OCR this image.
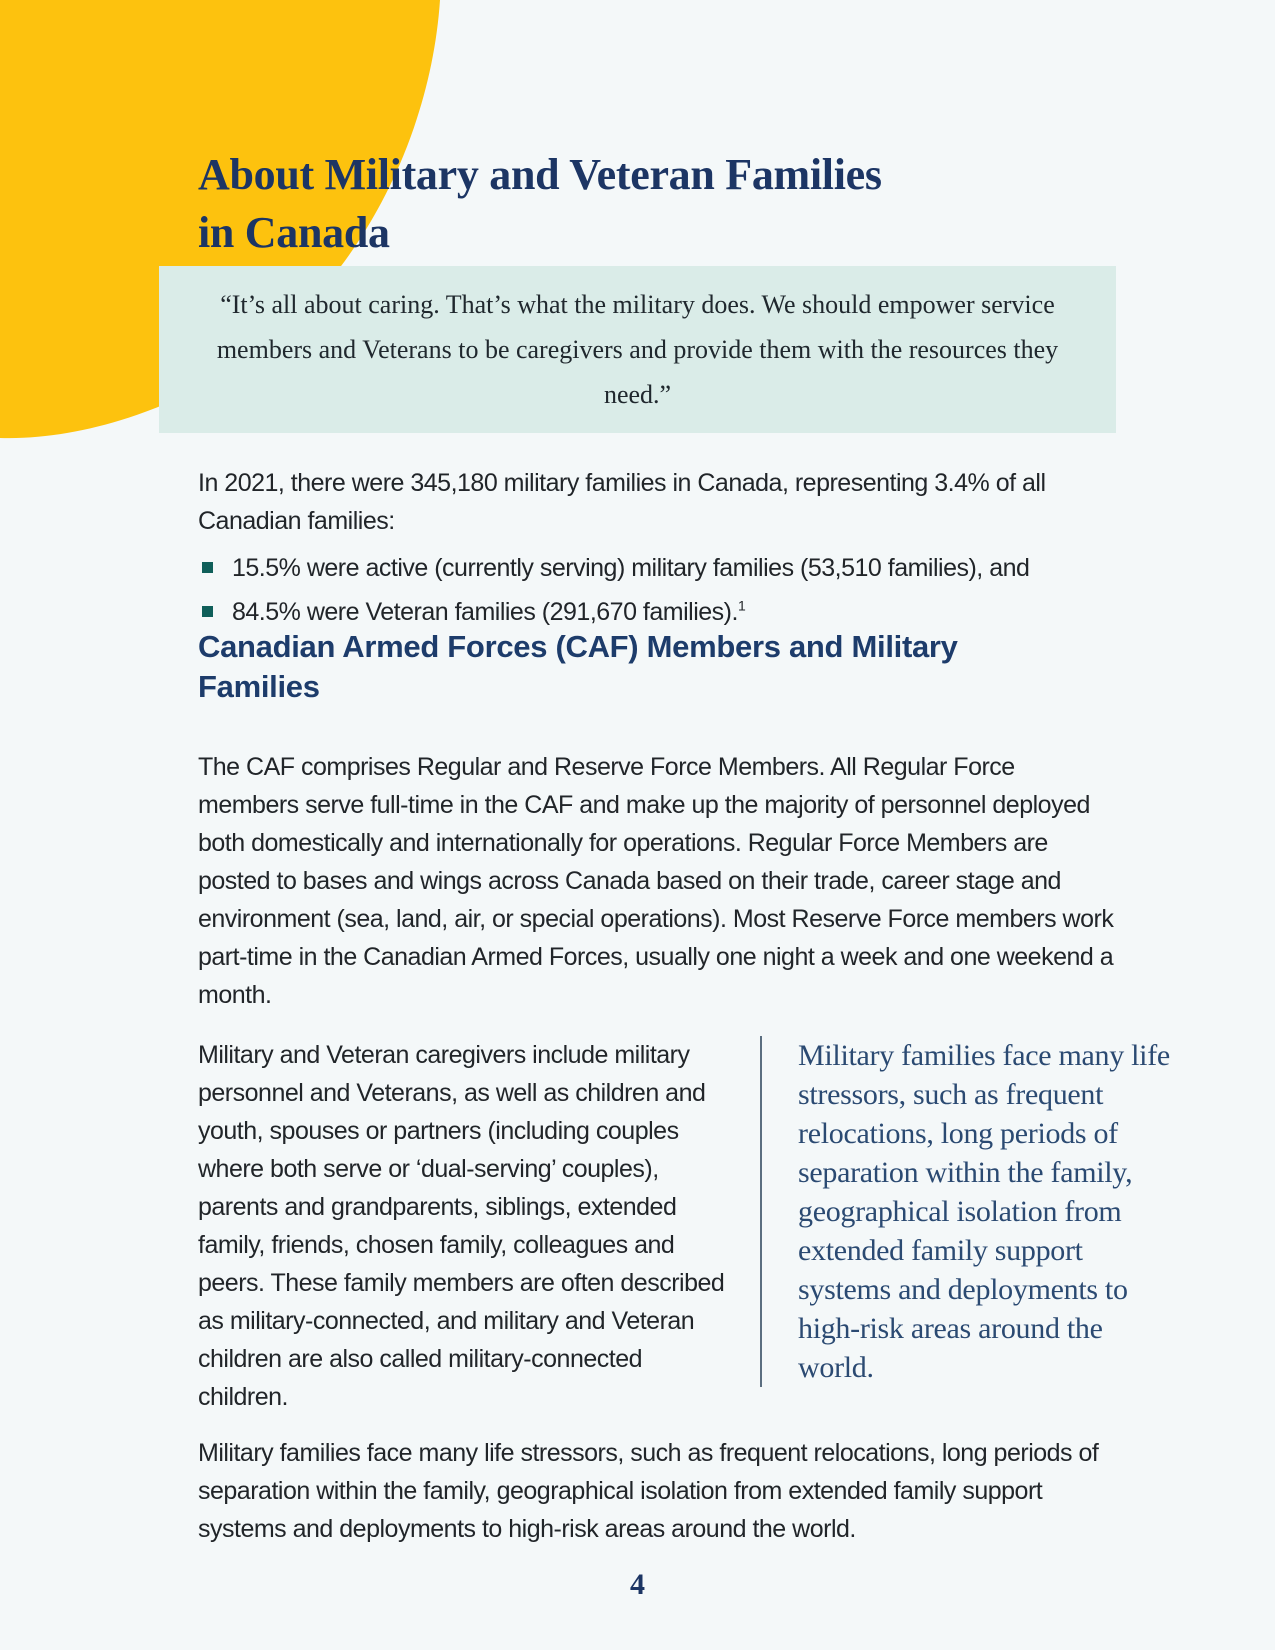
About Military and Veteran Families
in Canada

“It’s all about caring. That’s what the military does. We should empower service members and Veterans to be caregivers and provide them with the resources they need.”

In 2021, there were 345,180 military families in Canada, representing 3.4% of all Canadian families:

15.5% were active (currently serving) military families (53,510 families), and
84.5% were Veteran families (291,670 families).$^1$
Canadian Armed Forces (CAF) Members and Military Families

The CAF comprises Regular and Reserve Force Members. All Regular Force members serve full-time in the CAF and make up the majority of personnel deployed both domestically and internationally for operations. Regular Force Members are posted to bases and wings across Canada based on their trade, career stage and environment (sea, land, air, or special operations). Most Reserve Force members work part-time in the Canadian Armed Forces, usually one night a week and one weekend a month.

Military and Veteran caregivers include military personnel and Veterans, as well as children and youth, spouses or partners (including couples where both serve or ‘dual-serving’ couples), parents and grandparents, siblings, extended family, friends, chosen family, colleagues and peers. These family members are often described as military-connected, and military and Veteran children are also called military-connected children.

Military families face many life stressors, such as frequent relocations, long periods of separation within the family, geographical isolation from extended family support systems and deployments to high-risk areas around the world.

Military families face many life stressors, such as frequent relocations, long periods of separation within the family, geographical isolation from extended family support systems and deployments to high-risk areas around the world.

4
